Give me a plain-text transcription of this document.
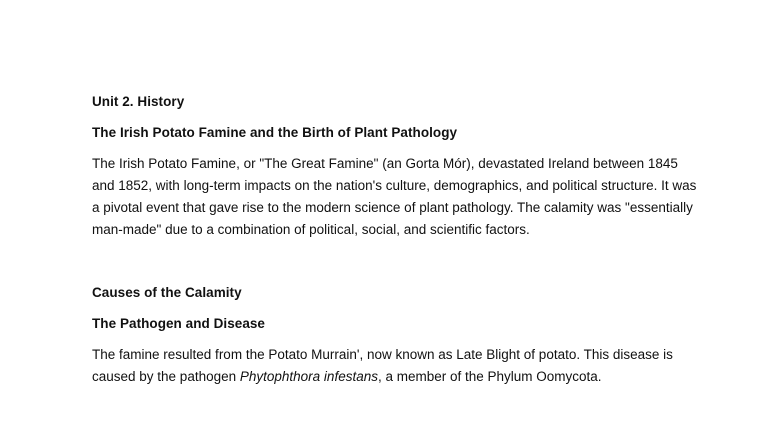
Unit 2. History

The Irish Potato Famine and the Birth of Plant Pathology

The Irish Potato Famine, or "The Great Famine" (an Gorta Mór), devastated Ireland between 1845 and 1852, with long-term impacts on the nation's culture, demographics, and political structure. It was a pivotal event that gave rise to the modern science of plant pathology. The calamity was "essentially man-made" due to a combination of political, social, and scientific factors.

Causes of the Calamity

The Pathogen and Disease

The famine resulted from the Potato Murrain', now known as Late Blight of potato. This disease is caused by the pathogen Phytophthora infestans, a member of the Phylum Oomycota.
